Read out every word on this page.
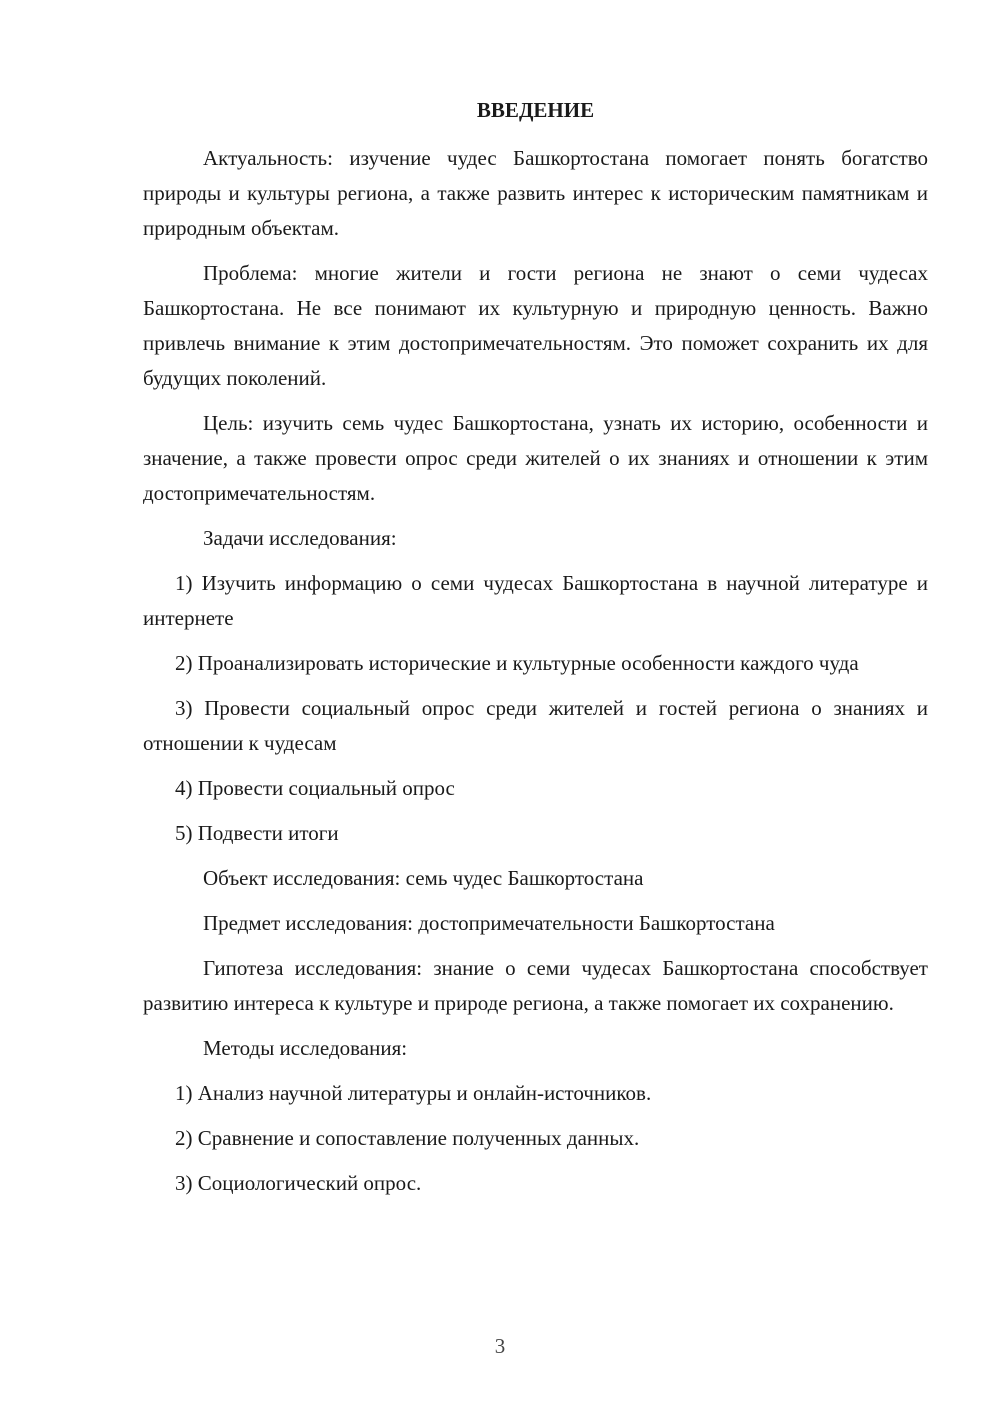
ВВЕДЕНИЕ

Актуальность: изучение чудес Башкортостана помогает понять богатство природы и культуры региона, а также развить интерес к историческим памятникам и природным объектам.

Проблема: многие жители и гости региона не знают о семи чудесах Башкортостана. Не все понимают их культурную и природную ценность. Важно привлечь внимание к этим достопримечательностям. Это поможет сохранить их для будущих поколений.

Цель: изучить семь чудес Башкортостана, узнать их историю, особенности и значение, а также провести опрос среди жителей о их знаниях и отношении к этим достопримечательностям.

Задачи исследования:

1) Изучить информацию о семи чудесах Башкортостана в научной литературе и интернете

2) Проанализировать исторические и культурные особенности каждого чуда

3) Провести социальный опрос среди жителей и гостей региона о знаниях и отношении к чудесам

4) Провести социальный опрос

5) Подвести итоги

Объект исследования: семь чудес Башкортостана

Предмет исследования: достопримечательности Башкортостана

Гипотеза исследования: знание о семи чудесах Башкортостана способствует развитию интереса к культуре и природе региона, а также помогает их сохранению.

Методы исследования:

1) Анализ научной литературы и онлайн-источников.

2) Сравнение и сопоставление полученных данных.

3) Социологический опрос.

3
